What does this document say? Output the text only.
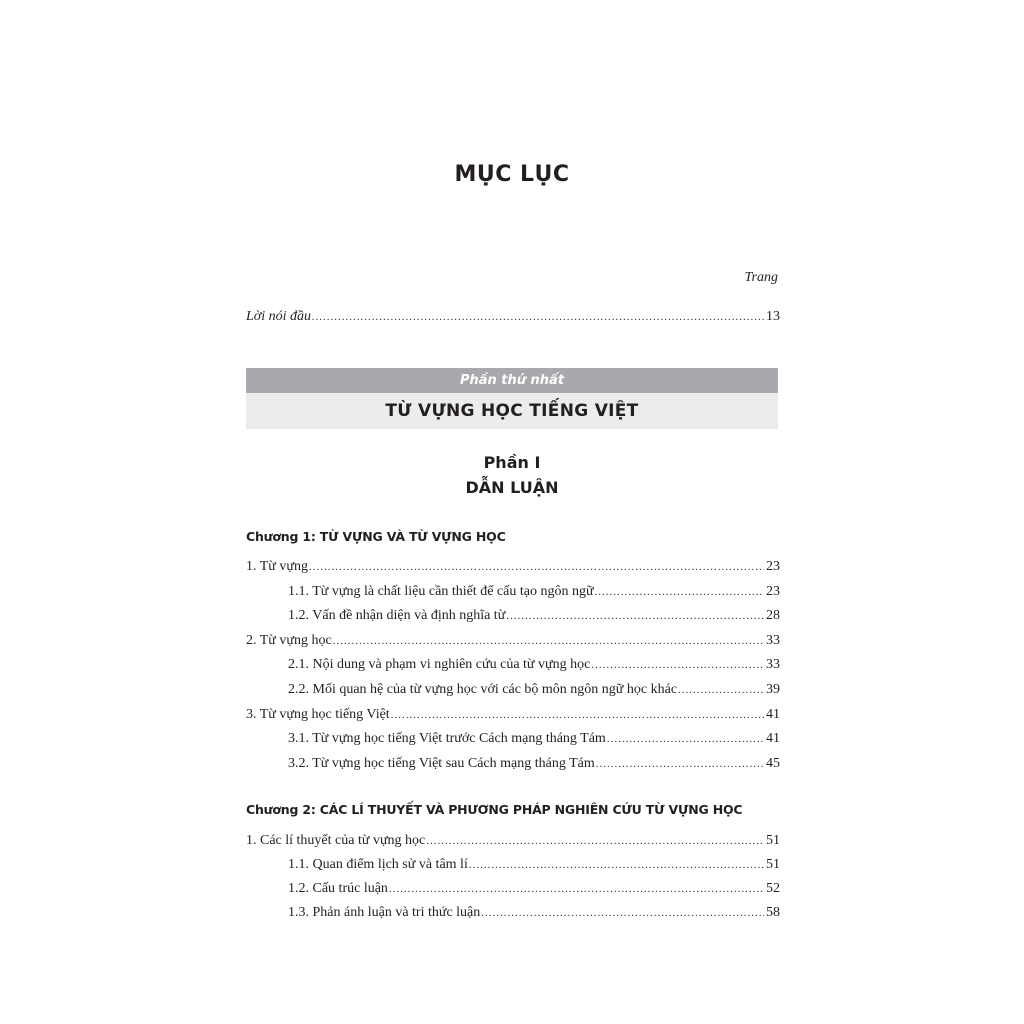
MỤC LỤC
Trang
Lời nói đầu .....	13
Phần thứ nhất
TỪ VỰNG HỌC TIẾNG VIỆT
Phần I
DẪN LUẬN
Chương 1: TỪ VỰNG VÀ TỪ VỰNG HỌC
1. Từ vựng .....	23
1.1. Từ vựng là chất liệu cần thiết để cấu tạo ngôn ngữ .....	23
1.2. Vấn đề nhận diện và định nghĩa từ .....	28
2. Từ vựng học .....	33
2.1. Nội dung và phạm vi nghiên cứu của từ vựng học .....	33
2.2. Mối quan hệ của từ vựng học với các bộ môn ngôn ngữ học khác .....	39
3. Từ vựng học tiếng Việt .....	41
3.1. Từ vựng học tiếng Việt trước Cách mạng tháng Tám .....	41
3.2. Từ vựng học tiếng Việt sau Cách mạng tháng Tám .....	45
Chương 2: CÁC LÍ THUYẾT VÀ PHƯƠNG PHÁP NGHIÊN CỨU TỪ VỰNG HỌC
1. Các lí thuyết của từ vựng học .....	51
1.1. Quan điểm lịch sử và tâm lí .....	51
1.2. Cấu trúc luận .....	52
1.3. Phản ánh luận và tri thức luận .....	58
